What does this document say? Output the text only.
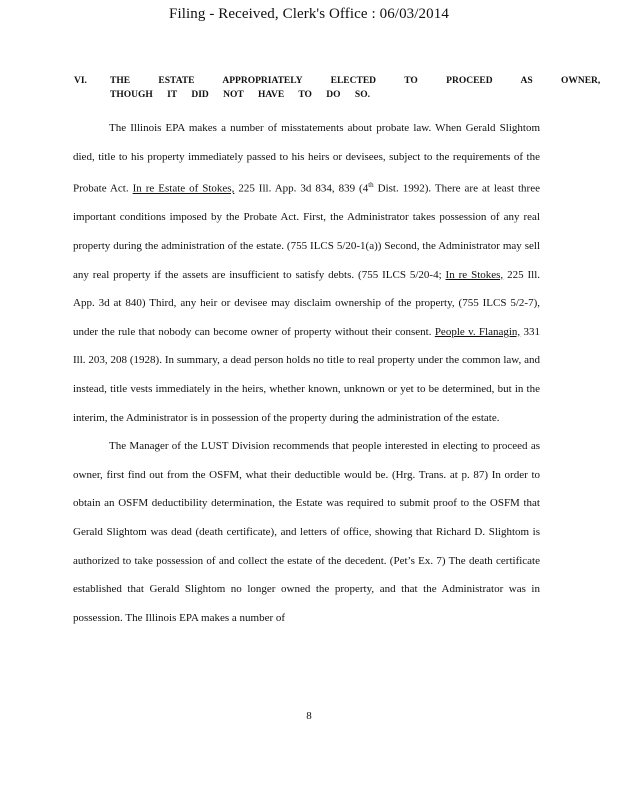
Filing - Received, Clerk's Office : 06/03/2014
VI. THE ESTATE APPROPRIATELY ELECTED TO PROCEED AS OWNER,
THOUGH IT DID NOT HAVE TO DO SO.

The Illinois EPA makes a number of misstatements about probate law. When Gerald Slightom died, title to his property immediately passed to his heirs or devisees, subject to the requirements of the Probate Act. In re Estate of Stokes, 225 Ill. App. 3d 834, 839 (4th Dist. 1992). There are at least three important conditions imposed by the Probate Act. First, the Administrator takes possession of any real property during the administration of the estate. (755 ILCS 5/20-1(a)) Second, the Administrator may sell any real property if the assets are insufficient to satisfy debts. (755 ILCS 5/20-4; In re Stokes, 225 Ill. App. 3d at 840) Third, any heir or devisee may disclaim ownership of the property, (755 ILCS 5/2-7), under the rule that nobody can become owner of property without their consent. People v. Flanagin, 331 Ill. 203, 208 (1928). In summary, a dead person holds no title to real property under the common law, and instead, title vests immediately in the heirs, whether known, unknown or yet to be determined, but in the interim, the Administrator is in possession of the property during the administration of the estate.

The Manager of the LUST Division recommends that people interested in electing to proceed as owner, first find out from the OSFM, what their deductible would be. (Hrg. Trans. at p. 87) In order to obtain an OSFM deductibility determination, the Estate was required to submit proof to the OSFM that Gerald Slightom was dead (death certificate), and letters of office, showing that Richard D. Slightom is authorized to take possession of and collect the estate of the decedent. (Pet’s Ex. 7) The death certificate established that Gerald Slightom no longer owned the property, and that the Administrator was in possession. The Illinois EPA makes a number of

8
